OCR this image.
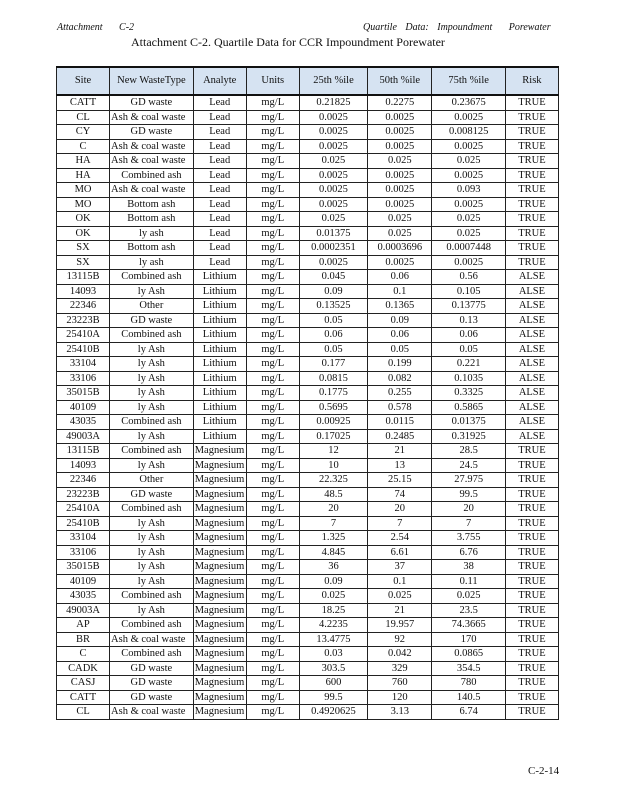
Attachment C-2	Quartile Data: Impoundment Porewater
Attachment C-2. Quartile Data for CCR Impoundment Porewater
Site	New WasteType	Analyte	Units	25th %ile	50th %ile	75th %ile	Risk
CATT	GD waste	Lead	mg/L	0.21825	0.2275	0.23675	TRUE
CL	Ash & coal waste	Lead	mg/L	0.0025	0.0025	0.0025	TRUE
CY	GD waste	Lead	mg/L	0.0025	0.0025	0.008125	TRUE
C	Ash & coal waste	Lead	mg/L	0.0025	0.0025	0.0025	TRUE
HA	Ash & coal waste	Lead	mg/L	0.025	0.025	0.025	TRUE
HA	Combined ash	Lead	mg/L	0.0025	0.0025	0.0025	TRUE
MO	Ash & coal waste	Lead	mg/L	0.0025	0.0025	0.093	TRUE
MO	Bottom ash	Lead	mg/L	0.0025	0.0025	0.0025	TRUE
OK	Bottom ash	Lead	mg/L	0.025	0.025	0.025	TRUE
OK	ly ash	Lead	mg/L	0.01375	0.025	0.025	TRUE
SX	Bottom ash	Lead	mg/L	0.0002351	0.0003696	0.0007448	TRUE
SX	ly ash	Lead	mg/L	0.0025	0.0025	0.0025	TRUE
13115B	Combined ash	Lithium	mg/L	0.045	0.06	0.56	ALSE
14093	ly Ash	Lithium	mg/L	0.09	0.1	0.105	ALSE
22346	Other	Lithium	mg/L	0.13525	0.1365	0.13775	ALSE
23223B	GD waste	Lithium	mg/L	0.05	0.09	0.13	ALSE
25410A	Combined ash	Lithium	mg/L	0.06	0.06	0.06	ALSE
25410B	ly Ash	Lithium	mg/L	0.05	0.05	0.05	ALSE
33104	ly Ash	Lithium	mg/L	0.177	0.199	0.221	ALSE
33106	ly Ash	Lithium	mg/L	0.0815	0.082	0.1035	ALSE
35015B	ly Ash	Lithium	mg/L	0.1775	0.255	0.3325	ALSE
40109	ly Ash	Lithium	mg/L	0.5695	0.578	0.5865	ALSE
43035	Combined ash	Lithium	mg/L	0.00925	0.0115	0.01375	ALSE
49003A	ly Ash	Lithium	mg/L	0.17025	0.2485	0.31925	ALSE
13115B	Combined ash	Magnesium	mg/L	12	21	28.5	TRUE
14093	ly Ash	Magnesium	mg/L	10	13	24.5	TRUE
22346	Other	Magnesium	mg/L	22.325	25.15	27.975	TRUE
23223B	GD waste	Magnesium	mg/L	48.5	74	99.5	TRUE
25410A	Combined ash	Magnesium	mg/L	20	20	20	TRUE
25410B	ly Ash	Magnesium	mg/L	7	7	7	TRUE
33104	ly Ash	Magnesium	mg/L	1.325	2.54	3.755	TRUE
33106	ly Ash	Magnesium	mg/L	4.845	6.61	6.76	TRUE
35015B	ly Ash	Magnesium	mg/L	36	37	38	TRUE
40109	ly Ash	Magnesium	mg/L	0.09	0.1	0.11	TRUE
43035	Combined ash	Magnesium	mg/L	0.025	0.025	0.025	TRUE
49003A	ly Ash	Magnesium	mg/L	18.25	21	23.5	TRUE
AP	Combined ash	Magnesium	mg/L	4.2235	19.957	74.3665	TRUE
BR	Ash & coal waste	Magnesium	mg/L	13.4775	92	170	TRUE
C	Combined ash	Magnesium	mg/L	0.03	0.042	0.0865	TRUE
CADK	GD waste	Magnesium	mg/L	303.5	329	354.5	TRUE
CASJ	GD waste	Magnesium	mg/L	600	760	780	TRUE
CATT	GD waste	Magnesium	mg/L	99.5	120	140.5	TRUE
CL	Ash & coal waste	Magnesium	mg/L	0.4920625	3.13	6.74	TRUE
C-2-14
